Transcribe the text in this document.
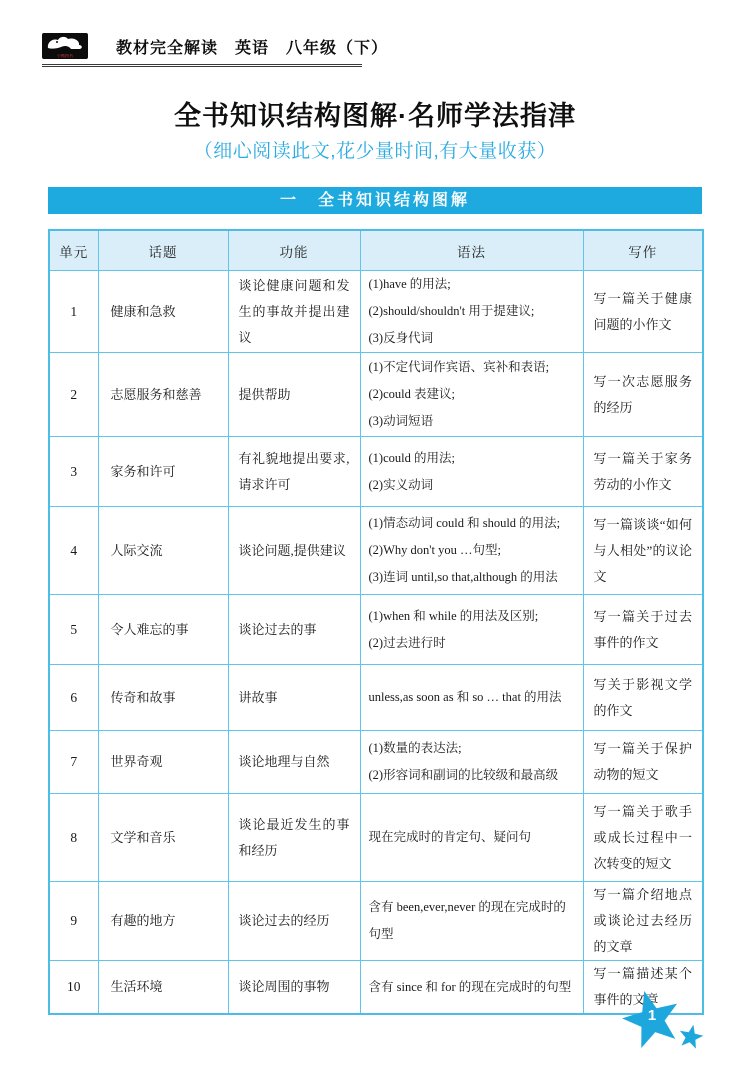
小熊图书	教材完全解读　英语　八年级（下）
全书知识结构图解·名师学法指津
（细心阅读此文,花少量时间,有大量收获）
一　全书知识结构图解
单元	话题	功能	语法	写作
1	健康和急救	谈论健康问题和发生的事故并提出建议	(1)have 的用法;
(2)should/shouldn't 用于提建议;
(3)反身代词	写一篇关于健康问题的小作文
2	志愿服务和慈善	提供帮助	(1)不定代词作宾语、宾补和表语;
(2)could 表建议;
(3)动词短语	写一次志愿服务的经历
3	家务和许可	有礼貌地提出要求,请求许可	(1)could 的用法;
(2)实义动词	写一篇关于家务劳动的小作文
4	人际交流	谈论问题,提供建议	(1)情态动词 could 和 should 的用法;
(2)Why don't you …句型;
(3)连词 until,so that,although 的用法	写一篇谈谈“如何与人相处”的议论文
5	令人难忘的事	谈论过去的事	(1)when 和 while 的用法及区别;
(2)过去进行时	写一篇关于过去事件的作文
6	传奇和故事	讲故事	unless,as soon as 和 so … that 的用法	写关于影视文学的作文
7	世界奇观	谈论地理与自然	(1)数量的表达法;
(2)形容词和副词的比较级和最高级	写一篇关于保护动物的短文
8	文学和音乐	谈论最近发生的事和经历	现在完成时的肯定句、疑问句	写一篇关于歌手或成长过程中一次转变的短文
9	有趣的地方	谈论过去的经历	含有 been,ever,never 的现在完成时的句型	写一篇介绍地点或谈论过去经历的文章
10	生活环境	谈论周围的事物	含有 since 和 for 的现在完成时的句型	写一篇描述某个事件的文章
1
